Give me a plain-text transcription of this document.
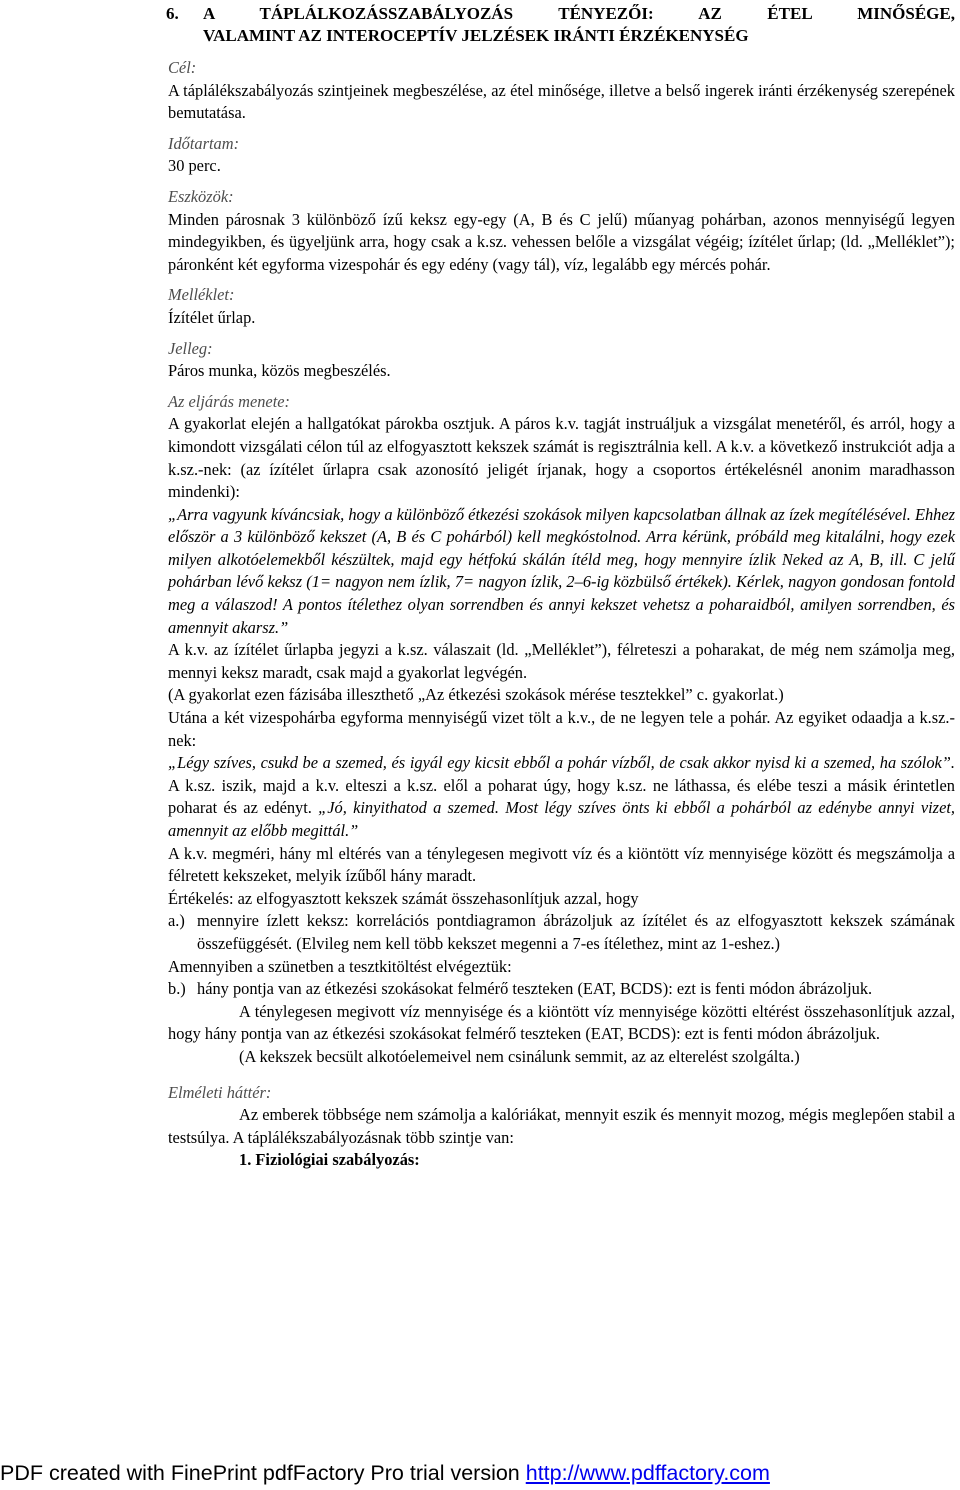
6.	A TÁPLÁLKOZÁSSZABÁLYOZÁS TÉNYEZŐI: AZ ÉTEL MINŐSÉGE,
VALAMINT AZ INTEROCEPTÍV JELZÉSEK IRÁNTI ÉRZÉKENYSÉG

Cél:

A táplálékszabályozás szintjeinek megbeszélése, az étel minősége, illetve a belső ingerek iránti érzékenység szerepének bemutatása.

Időtartam:

30 perc.

Eszközök:

Minden párosnak 3 különböző ízű keksz egy-egy (A, B és C jelű) műanyag pohárban, azonos mennyiségű legyen mindegyikben, és ügyeljünk arra, hogy csak a k.sz. vehessen belőle a vizsgálat végéig; ízítélet űrlap; (ld. „Melléklet”); páronként két egyforma vizespohár és egy edény (vagy tál), víz, legalább egy mércés pohár.

Melléklet:

Ízítélet űrlap.

Jelleg:

Páros munka, közös megbeszélés.

Az eljárás menete:

A gyakorlat elején a hallgatókat párokba osztjuk. A páros k.v. tagját instruáljuk a vizsgálat menetéről, és arról, hogy a kimondott vizsgálati célon túl az elfogyasztott kekszek számát is regisztrálnia kell. A k.v. a következő instrukciót adja a k.sz.-nek: (az ízítélet űrlapra csak azonosító jeligét írjanak, hogy a csoportos értékelésnél anonim maradhasson mindenki):

„Arra vagyunk kíváncsiak, hogy a különböző étkezési szokások milyen kapcsolatban állnak az ízek megítélésével. Ehhez először a 3 különböző kekszet (A, B és C pohárból) kell megkóstolnod. Arra kérünk, próbáld meg kitalálni, hogy ezek milyen alkotóelemekből készültek, majd egy hétfokú skálán ítéld meg, hogy mennyire ízlik Neked az A, B, ill. C jelű pohárban lévő keksz (1= nagyon nem ízlik, 7= nagyon ízlik, 2–6-ig közbülső értékek). Kérlek, nagyon gondosan fontold meg a válaszod! A pontos ítélethez olyan sorrendben és annyi kekszet vehetsz a poharaidból, amilyen sorrendben, és amennyit akarsz.”

A k.v. az ízítélet űrlapba jegyzi a k.sz. válaszait (ld. „Melléklet”), félreteszi a poharakat, de még nem számolja meg, mennyi keksz maradt, csak majd a gyakorlat legvégén.

(A gyakorlat ezen fázisába illeszthető „Az étkezési szokások mérése tesztekkel” c. gyakorlat.)

Utána a két vizespohárba egyforma mennyiségű vizet tölt a k.v., de ne legyen tele a pohár. Az egyiket odaadja a k.sz.-nek:

„Légy szíves, csukd be a szemed, és igyál egy kicsit ebből a pohár vízből, de csak akkor nyisd ki a szemed, ha szólok”. A k.sz. iszik, majd a k.v. elteszi a k.sz. elől a poharat úgy, hogy k.sz. ne láthassa, és elébe teszi a másik érintetlen poharat és az edényt. „Jó, kinyithatod a szemed. Most légy szíves önts ki ebből a pohárból az edénybe annyi vizet, amennyit az előbb megittál.”

A k.v. megméri, hány ml eltérés van a ténylegesen megivott víz és a kiöntött víz mennyisége között és megszámolja a félretett kekszeket, melyik ízűből hány maradt.

Értékelés: az elfogyasztott kekszek számát összehasonlítjuk azzal, hogy

a.) mennyire ízlett keksz: korrelációs pontdiagramon ábrázoljuk az ízítélet és az elfogyasztott kekszek számának összefüggését. (Elvileg nem kell több kekszet megenni a 7-es ítélethez, mint az 1-eshez.)

Amennyiben a szünetben a tesztkitöltést elvégeztük:

b.) hány pontja van az étkezési szokásokat felmérő teszteken (EAT, BCDS): ezt is fenti módon ábrázoljuk.

A ténylegesen megivott víz mennyisége és a kiöntött víz mennyisége közötti eltérést összehasonlítjuk azzal, hogy hány pontja van az étkezési szokásokat felmérő teszteken (EAT, BCDS): ezt is fenti módon ábrázoljuk.

(A kekszek becsült alkotóelemeivel nem csinálunk semmit, az az elterelést szolgálta.)

Elméleti háttér:

Az emberek többsége nem számolja a kalóriákat, mennyit eszik és mennyit mozog, mégis meglepően stabil a testsúlya. A táplálékszabályozásnak több szintje van:

1. Fiziológiai szabályozás:

PDF created with FinePrint pdfFactory Pro trial version http://www.pdffactory.com
